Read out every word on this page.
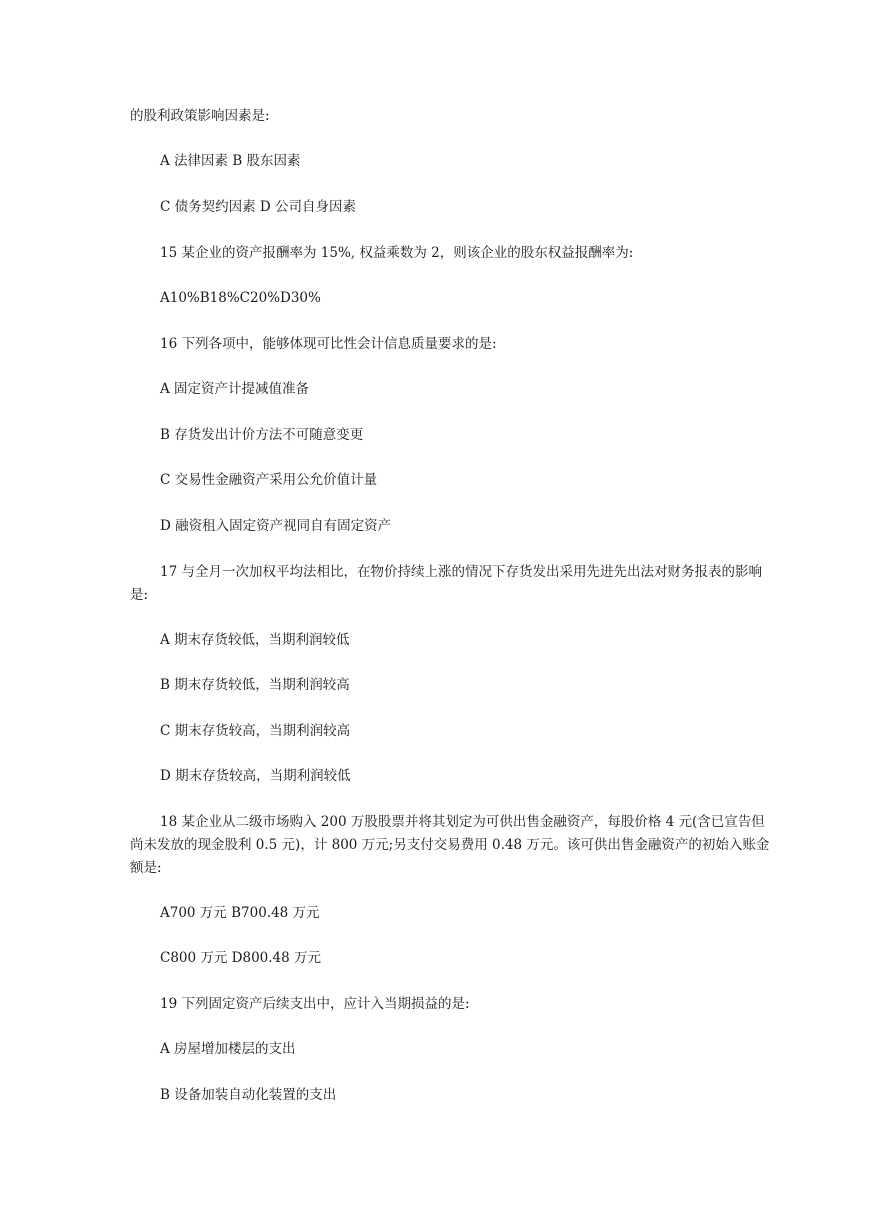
的股利政策影响因素是:
A 法律因素 B 股东因素
C 债务契约因素 D 公司自身因素
15 某企业的资产报酬率为 15%, 权益乘数为 2，则该企业的股东权益报酬率为:
A10%B18%C20%D30%
16 下列各项中，能够体现可比性会计信息质量要求的是:
A 固定资产计提减值准备
B 存货发出计价方法不可随意变更
C 交易性金融资产采用公允价值计量
D 融资租入固定资产视同自有固定资产
17 与全月一次加权平均法相比，在物价持续上涨的情况下存货发出采用先进先出法对财务报表的影响是:
A 期末存货较低，当期利润较低
B 期末存货较低，当期利润较高
C 期末存货较高，当期利润较高
D 期末存货较高，当期利润较低
18 某企业从二级市场购入 200 万股股票并将其划定为可供出售金融资产，每股价格 4 元(含已宣告但尚未发放的现金股利 0.5 元)，计 800 万元;另支付交易费用 0.48 万元。该可供出售金融资产的初始入账金额是:
A700 万元 B700.48 万元
C800 万元 D800.48 万元
19 下列固定资产后续支出中，应计入当期损益的是:
A 房屋增加楼层的支出
B 设备加装自动化装置的支出
